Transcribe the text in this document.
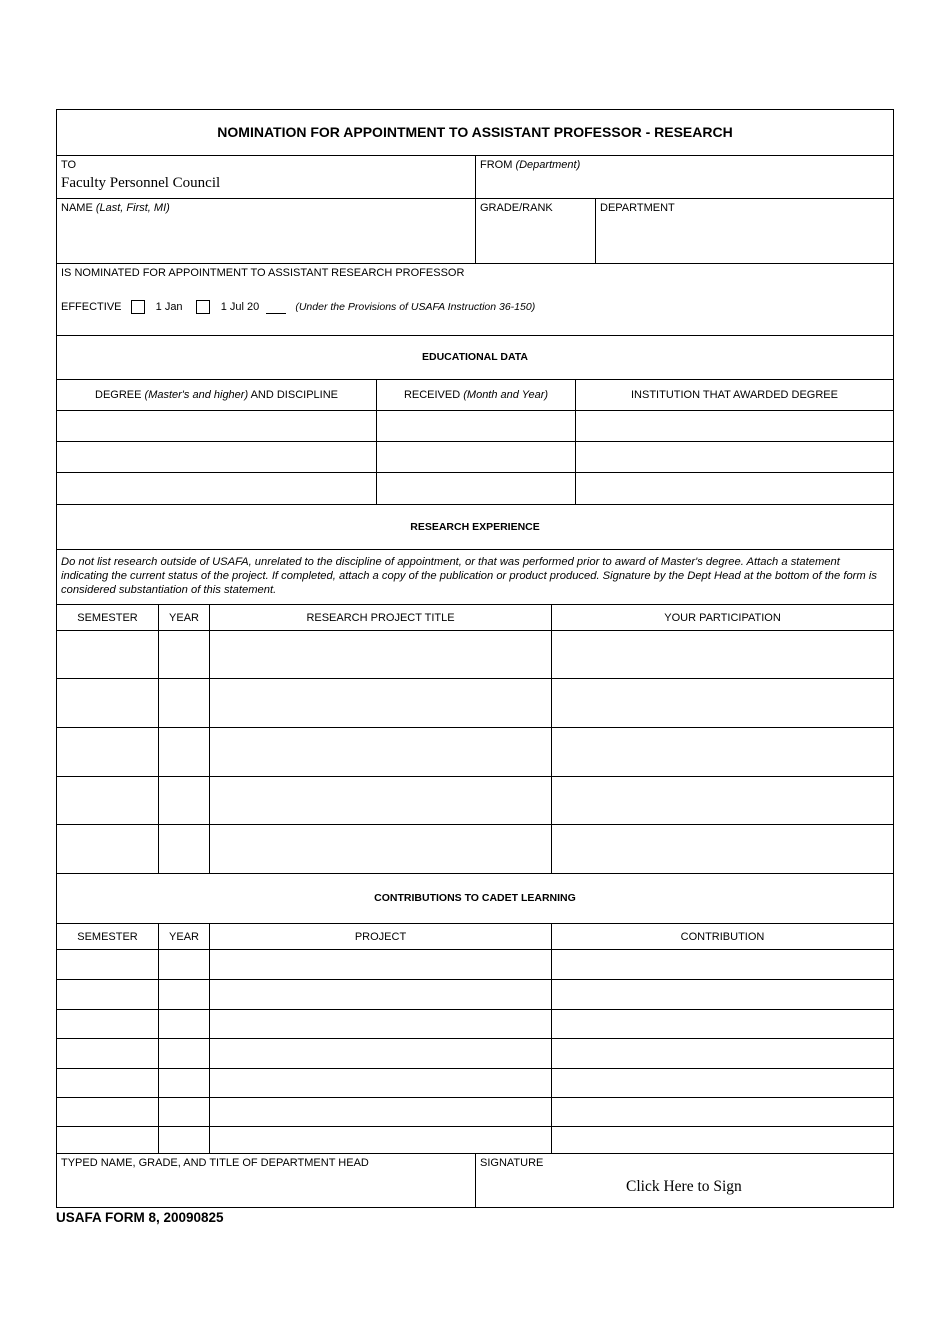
NOMINATION FOR APPOINTMENT TO ASSISTANT PROFESSOR - RESEARCH
TO
Faculty Personnel Council
FROM (Department)
NAME (Last, First, MI)	GRADE/RANK	DEPARTMENT
IS NOMINATED FOR APPOINTMENT TO ASSISTANT RESEARCH PROFESSOR
EFFECTIVE	1 Jan	1 Jul 20	(Under the Provisions of USAFA Instruction 36-150)
EDUCATIONAL DATA
DEGREE (Master's and higher) AND DISCIPLINE	RECEIVED (Month and Year)	INSTITUTION THAT AWARDED DEGREE
RESEARCH EXPERIENCE
Do not list research outside of USAFA, unrelated to the discipline of appointment, or that was performed prior to award of Master's degree. Attach a statement indicating the current status of the project. If completed, attach a copy of the publication or product produced. Signature by the Dept Head at the bottom of the form is considered substantiation of this statement.
SEMESTER	YEAR	RESEARCH PROJECT TITLE	YOUR PARTICIPATION
CONTRIBUTIONS TO CADET LEARNING
SEMESTER	YEAR	PROJECT	CONTRIBUTION
TYPED NAME, GRADE, AND TITLE OF DEPARTMENT HEAD	SIGNATURE
Click Here to Sign
USAFA FORM 8, 20090825
